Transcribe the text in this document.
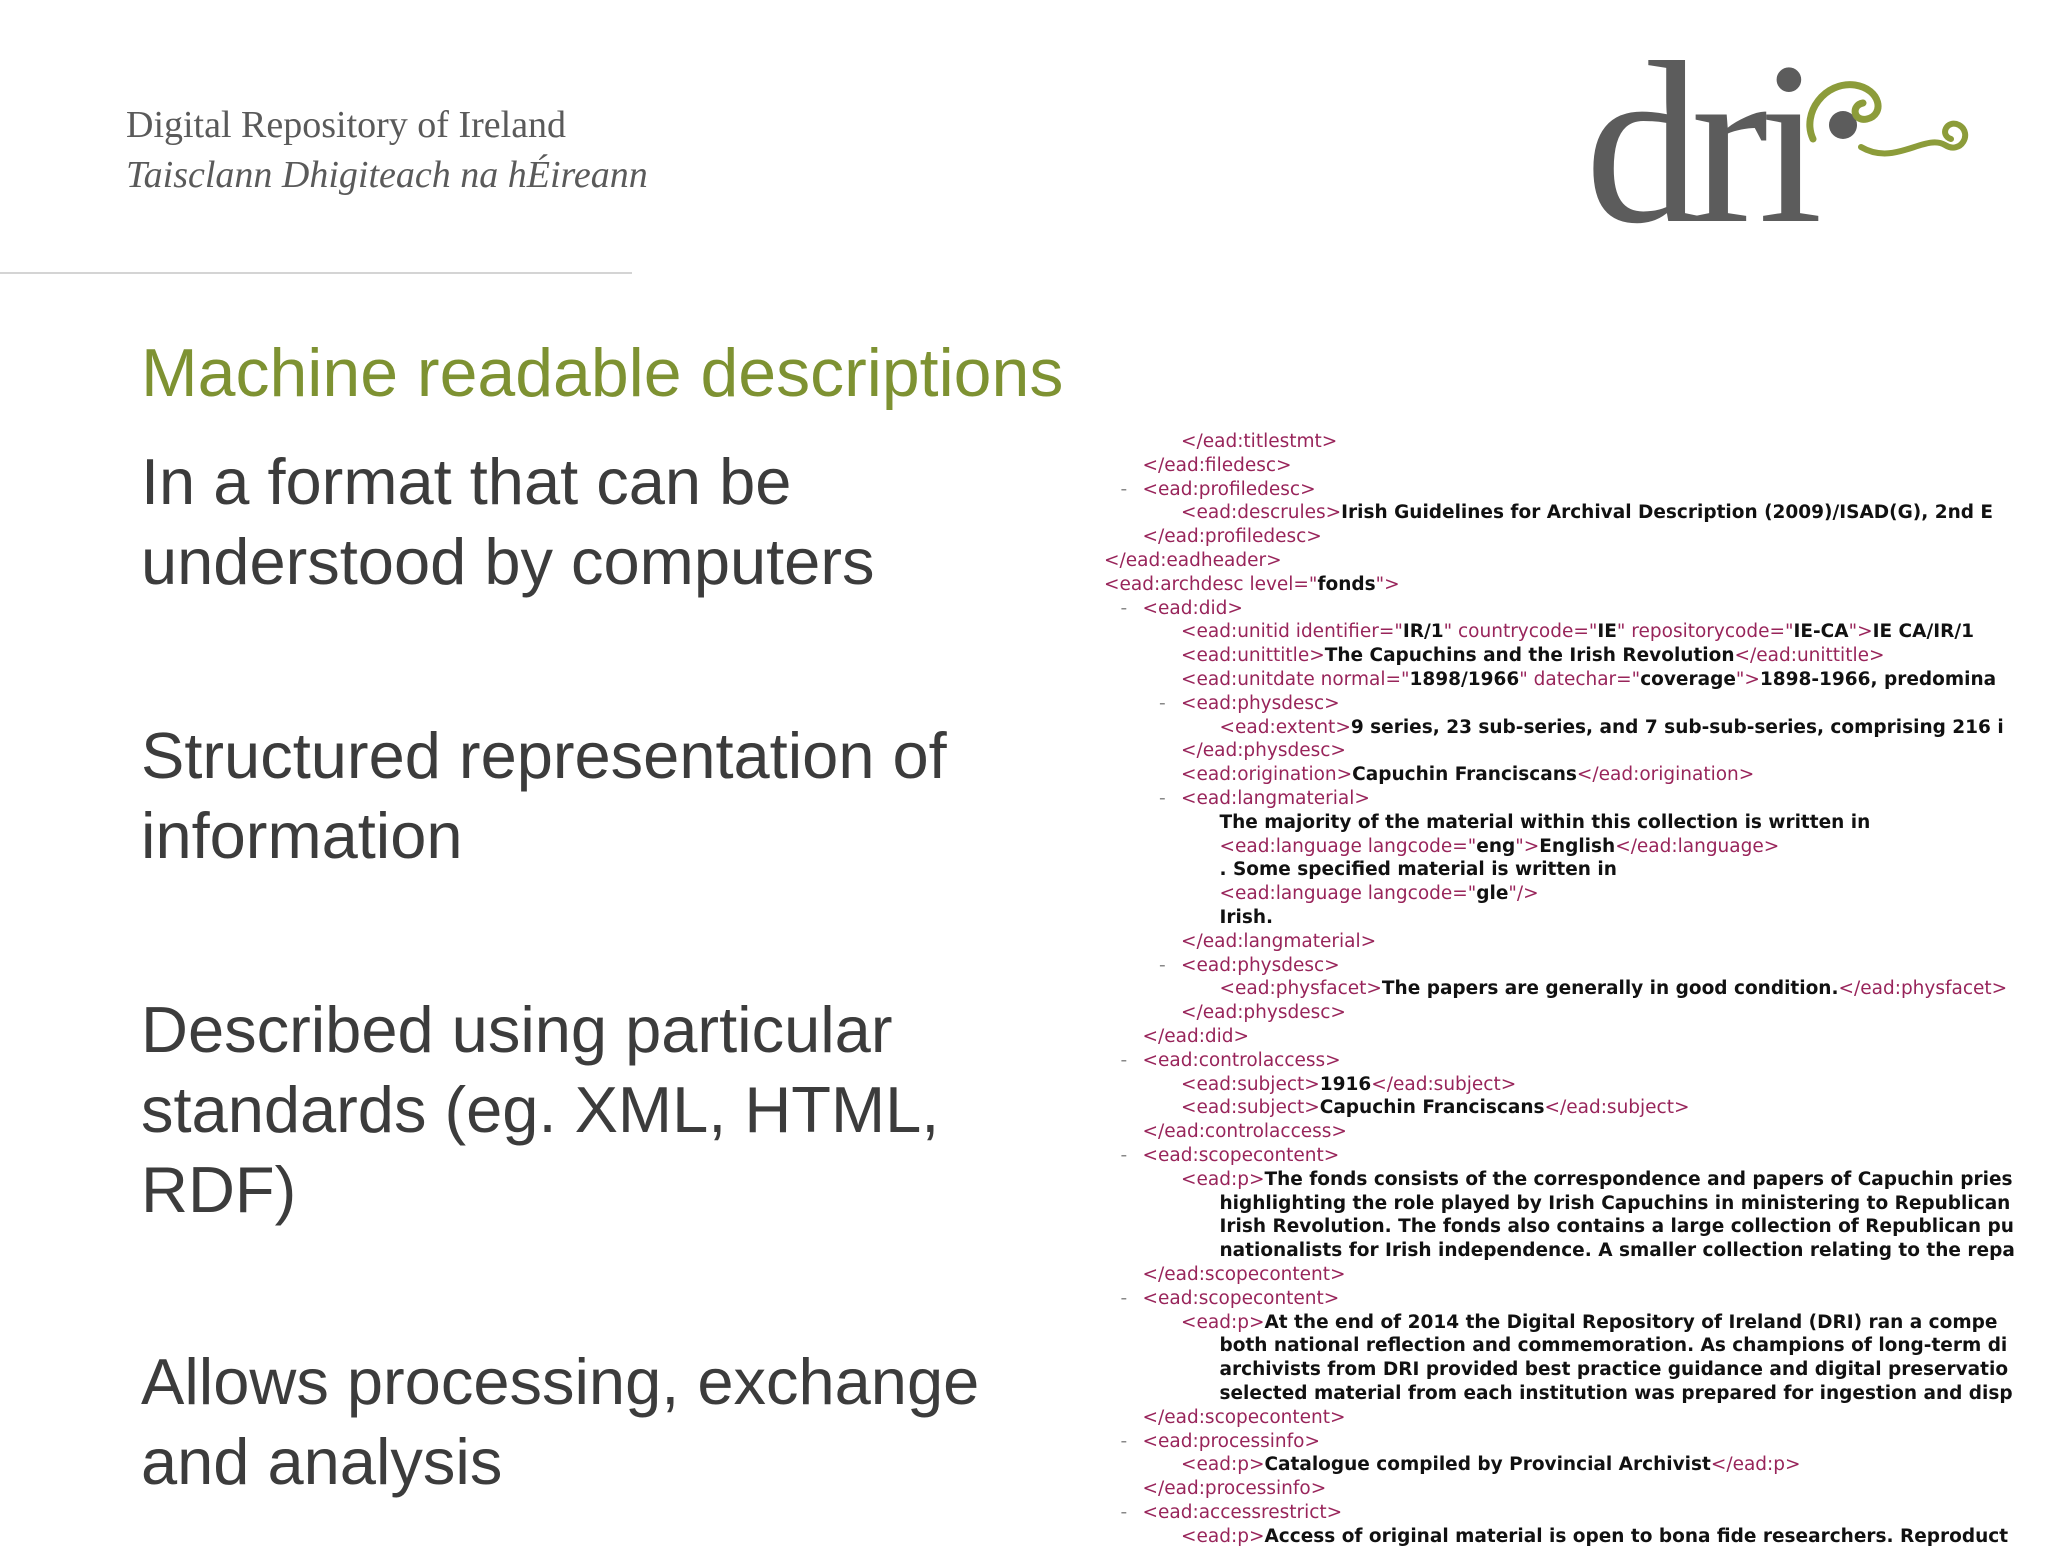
Digital Repository of Ireland
Taisclann Dhigiteach na hÉireann	dri
Machine readable descriptions
In a format that can be
understood by computers
Structured representation of
information
Described using particular
standards (eg. XML, HTML,
RDF)
Allows processing, exchange
and analysis
</ead:titlestmt>
</ead:filedesc>
- <ead:profiledesc>
<ead:descrules>Irish Guidelines for Archival Description (2009)/ISAD(G), 2nd E
</ead:profiledesc>
</ead:eadheader>
<ead:archdesc level="fonds">
- <ead:did>
<ead:unitid identifier="IR/1" countrycode="IE" repositorycode="IE-CA">IE CA/IR/1
<ead:unittitle>The Capuchins and the Irish Revolution</ead:unittitle>
<ead:unitdate normal="1898/1966" datechar="coverage">1898-1966, predomina
- <ead:physdesc>
<ead:extent>9 series, 23 sub-series, and 7 sub-sub-series, comprising 216 i
</ead:physdesc>
<ead:origination>Capuchin Franciscans</ead:origination>
- <ead:langmaterial>
The majority of the material within this collection is written in
<ead:language langcode="eng">English</ead:language>
. Some specified material is written in
<ead:language langcode="gle"/>
Irish.
</ead:langmaterial>
- <ead:physdesc>
<ead:physfacet>The papers are generally in good condition.</ead:physfacet>
</ead:physdesc>
</ead:did>
- <ead:controlaccess>
<ead:subject>1916</ead:subject>
<ead:subject>Capuchin Franciscans</ead:subject>
</ead:controlaccess>
- <ead:scopecontent>
<ead:p>The fonds consists of the correspondence and papers of Capuchin pries
highlighting the role played by Irish Capuchins in ministering to Republican
Irish Revolution. The fonds also contains a large collection of Republican pu
nationalists for Irish independence. A smaller collection relating to the repa
</ead:scopecontent>
- <ead:scopecontent>
<ead:p>At the end of 2014 the Digital Repository of Ireland (DRI) ran a compe
both national reflection and commemoration. As champions of long-term di
archivists from DRI provided best practice guidance and digital preservatio
selected material from each institution was prepared for ingestion and disp
</ead:scopecontent>
- <ead:processinfo>
<ead:p>Catalogue compiled by Provincial Archivist</ead:p>
</ead:processinfo>
- <ead:accessrestrict>
<ead:p>Access of original material is open to bona fide researchers. Reproduct
